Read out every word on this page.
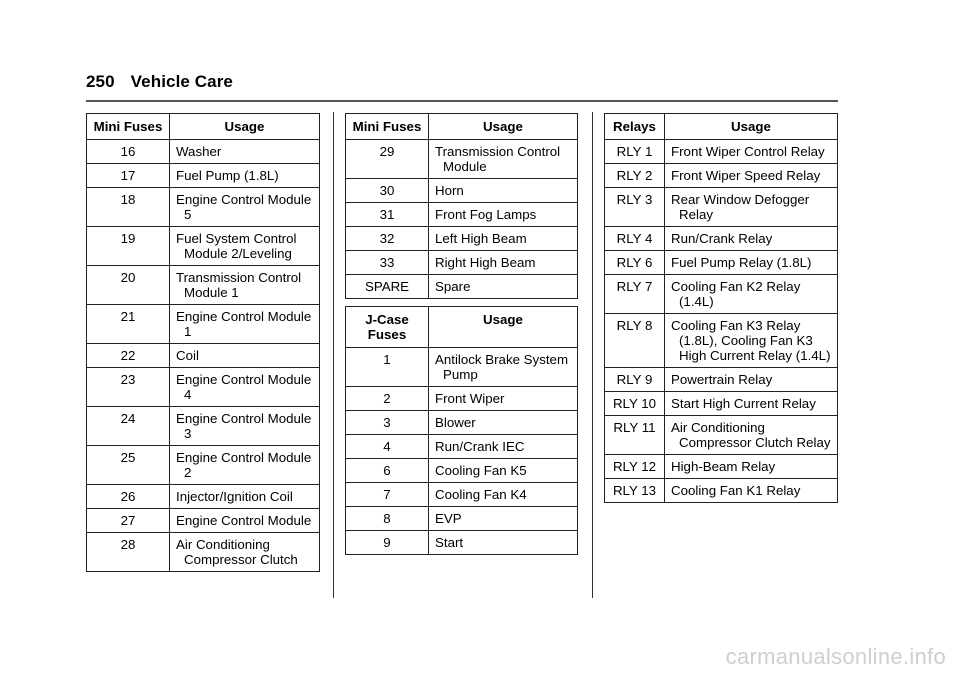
250 Vehicle Care
Mini Fuses	Usage
16	Washer

17	Fuel Pump (1.8L)

18	Engine Control Module 5

19	Fuel System Control Module 2/Leveling

20	Transmission Control Module 1

21	Engine Control Module 1

22	Coil

23	Engine Control Module 4

24	Engine Control Module 3

25	Engine Control Module 2

26	Injector/Ignition Coil

27	Engine Control Module

28	Air Conditioning Compressor Clutch
Mini Fuses	Usage
29	Transmission Control Module

30	Horn

31	Front Fog Lamps

32	Left High Beam

33	Right High Beam

SPARE	Spare
J-Case Fuses	Usage
1	Antilock Brake System Pump

2	Front Wiper

3	Blower

4	Run/Crank IEC

6	Cooling Fan K5

7	Cooling Fan K4

8	EVP

9	Start
Relays	Usage
RLY 1	Front Wiper Control Relay

RLY 2	Front Wiper Speed Relay

RLY 3	Rear Window Defogger Relay

RLY 4	Run/Crank Relay

RLY 6	Fuel Pump Relay (1.8L)

RLY 7	Cooling Fan K2 Relay (1.4L)

RLY 8	Cooling Fan K3 Relay (1.8L), Cooling Fan K3 High Current Relay (1.4L)

RLY 9	Powertrain Relay

RLY 10	Start High Current Relay

RLY 11	Air Conditioning Compressor Clutch Relay

RLY 12	High-Beam Relay

RLY 13	Cooling Fan K1 Relay
carmanualsonline.info
